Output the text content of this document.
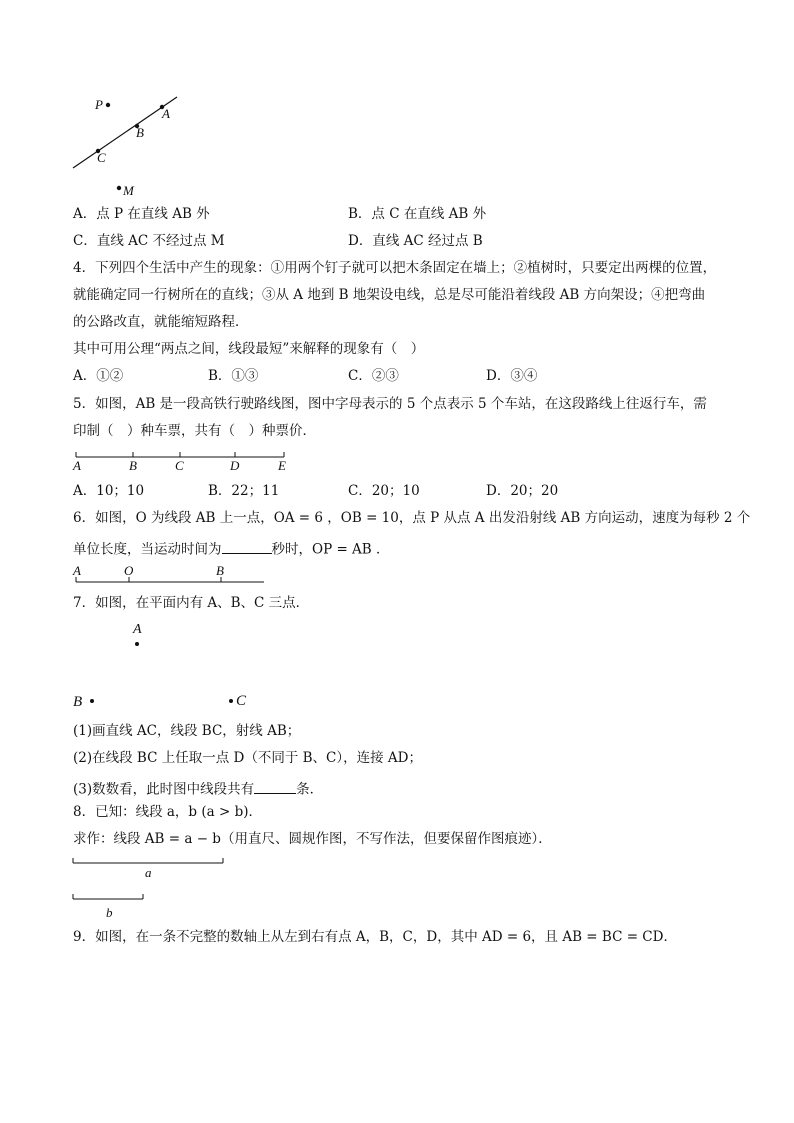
P
A
B
C
M
A．点 P 在直线 AB 外	B．点 C 在直线 AB 外
C．直线 AC 不经过点 M	D．直线 AC 经过点 B
4．下列四个生活中产生的现象：①用两个钉子就可以把木条固定在墙上；②植树时，只要定出两棵的位置，
就能确定同一行树所在的直线；③从 A 地到 B 地架设电线，总是尽可能沿着线段 AB 方向架设；④把弯曲
的公路改直，就能缩短路程．
其中可用公理“两点之间，线段最短”来解释的现象有（　）
A．①②	B．①③	C．②③	D．③④
5．如图，AB 是一段高铁行驶路线图，图中字母表示的 5 个点表示 5 个车站，在这段路线上往返行车，需
印制（　）种车票，共有（　）种票价．
A	B	C	D	E
A．10；10	B．22；11	C．20；10	D．20；20
6．如图，O 为线段 AB 上一点，OA = 6 ，OB = 10，点 P 从点 A 出发沿射线 AB 方向运动，速度为每秒 2 个
单位长度，当运动时间为	秒时，OP = AB ．
A	O	B
7．如图，在平面内有 A、B、C 三点．
A
B	C
(1)画直线 AC，线段 BC，射线 AB；
(2)在线段 BC 上任取一点 D（不同于 B、C），连接 AD；
(3)数数看，此时图中线段共有	条．
8．已知：线段 a，b (a > b)．
求作：线段 AB = a − b（用直尺、圆规作图，不写作法，但要保留作图痕迹）．
a
b
9．如图，在一条不完整的数轴上从左到右有点 A，B，C，D，其中 AD = 6，且 AB = BC = CD．
